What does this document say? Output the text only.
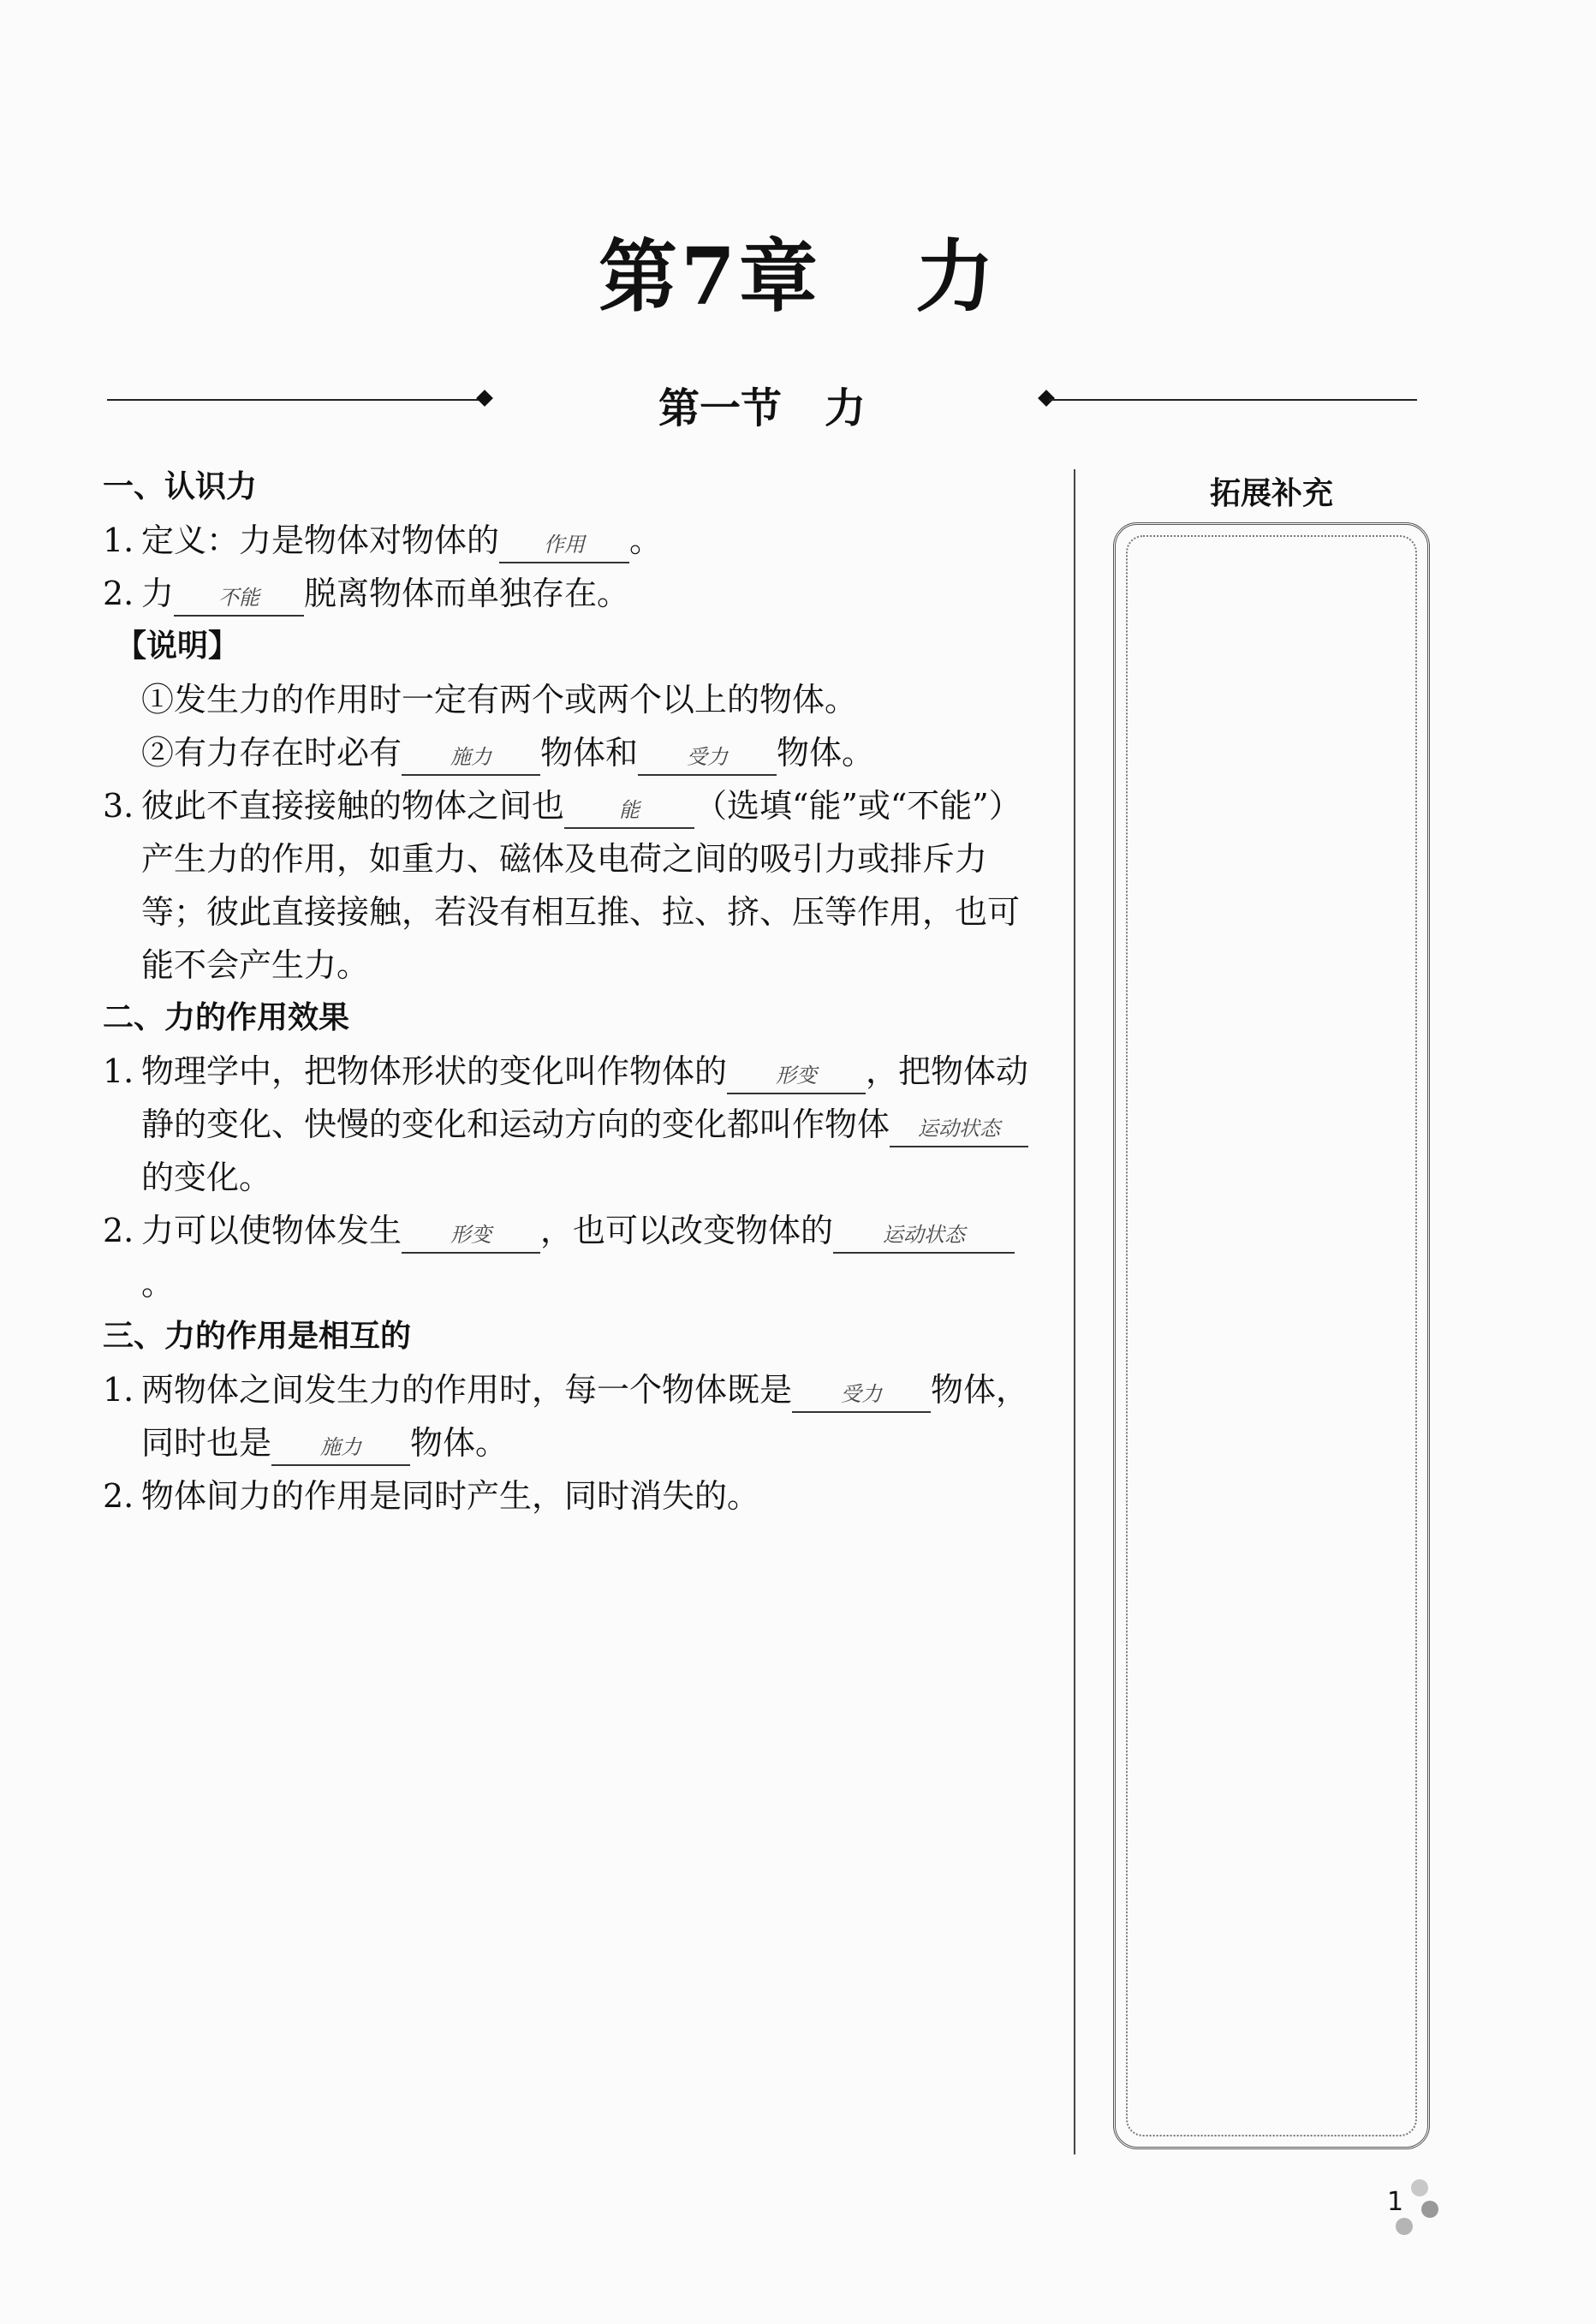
第7章 力
第一节 力
一、认识力
1. 定义：力是物体对物体的 作用 。
2. 力 不能 脱离物体而单独存在。
【说明】
①发生力的作用时一定有两个或两个以上的物体。
②有力存在时必有 施力 物体和 受力 物体。
3. 彼此不直接接触的物体之间也	能 （选填“能”或“不能”）产生力的作用，如重力、磁体及电荷之间的吸引力或排斥力等；彼此直接接触，若没有相互推、拉、挤、压等作用，也可能不会产生力。
二、力的作用效果
1. 物理学中，把物体形状的变化叫作物体的 形变 ，把物体动静的变化、快慢的变化和运动方向的变化都叫作物体 运动状态的变化。
2. 力可以使物体发生 形变 ，也可以改变物体的 运动状态。
三、力的作用是相互的
1. 两物体之间发生力的作用时，每一个物体既是 受力 物体，同时也是 施力 物体。
2. 物体间力的作用是同时产生，同时消失的。
拓展补充
1
